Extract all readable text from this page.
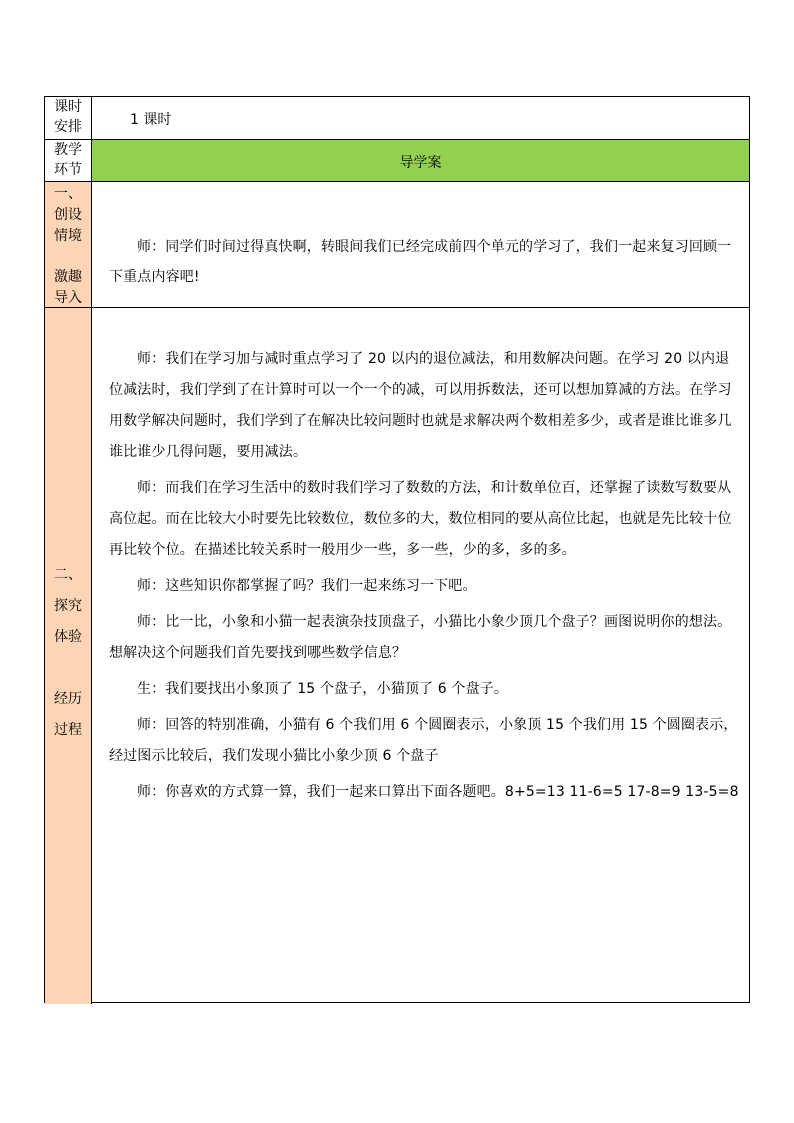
课时
安排	1 课时
教学
环节	导学案
一、
创设
情境
激趣
导入

师：同学们时间过得真快啊，转眼间我们已经完成前四个单元的学习了，我们一起来复习回顾一下重点内容吧!

二、
探究
体验
经历
过程

师：我们在学习加与减时重点学习了 20 以内的退位减法，和用数解决问题。在学习 20 以内退位减法时，我们学到了在计算时可以一个一个的减，可以用拆数法，还可以想加算减的方法。在学习用数学解决问题时，我们学到了在解决比较问题时也就是求解决两个数相差多少，或者是谁比谁多几谁比谁少几得问题，要用减法。

师：而我们在学习生活中的数时我们学习了数数的方法，和计数单位百，还掌握了读数写数要从高位起。而在比较大小时要先比较数位，数位多的大，数位相同的要从高位比起，也就是先比较十位再比较个位。在描述比较关系时一般用少一些，多一些，少的多，多的多。

师：这些知识你都掌握了吗？我们一起来练习一下吧。

师：比一比，小象和小猫一起表演杂技顶盘子，小猫比小象少顶几个盘子？画图说明你的想法。想解决这个问题我们首先要找到哪些数学信息？

生：我们要找出小象顶了 15 个盘子，小猫顶了 6 个盘子。

师：回答的特别准确，小猫有 6 个我们用 6 个圆圈表示，小象顶 15 个我们用 15 个圆圈表示，经过图示比较后，我们发现小猫比小象少顶 6 个盘子

师：你喜欢的方式算一算，我们一起来口算出下面各题吧。8+5=13 11-6=5 17-8=9 13-5=8
